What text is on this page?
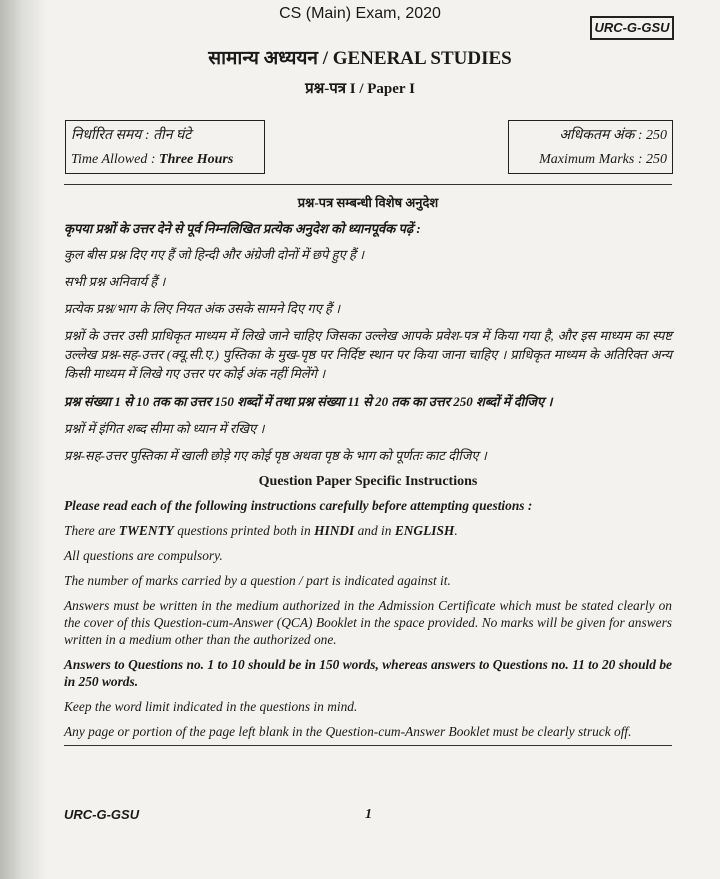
CS (Main) Exam, 2020
URC-G-GSU
सामान्य अध्ययन / GENERAL STUDIES
प्रश्न-पत्र I / Paper I
निर्धारित समय : तीन घंटे
Time Allowed : Three Hours
अधिकतम अंक : 250
Maximum Marks : 250

प्रश्न-पत्र सम्बन्धी विशेष अनुदेश

कृपया प्रश्नों के उत्तर देने से पूर्व निम्नलिखित प्रत्येक अनुदेश को ध्यानपूर्वक पढ़ें :

कुल बीस प्रश्न दिए गए हैं जो हिन्दी और अंग्रेजी दोनों में छपे हुए हैं ।

सभी प्रश्न अनिवार्य हैं ।

प्रत्येक प्रश्न/भाग के लिए नियत अंक उसके सामने दिए गए हैं ।

प्रश्नों के उत्तर उसी प्राधिकृत माध्यम में लिखे जाने चाहिए जिसका उल्लेख आपके प्रवेश-पत्र में किया गया है, और इस माध्यम का स्पष्ट उल्लेख प्रश्न-सह-उत्तर (क्यू.सी.ए.) पुस्तिका के मुख-पृष्ठ पर निर्दिष्ट स्थान पर किया जाना चाहिए । प्राधिकृत माध्यम के अतिरिक्त अन्य किसी माध्यम में लिखे गए उत्तर पर कोई अंक नहीं मिलेंगे ।

प्रश्न संख्या 1 से 10 तक का उत्तर 150 शब्दों में तथा प्रश्न संख्या 11 से 20 तक का उत्तर 250 शब्दों में दीजिए ।

प्रश्नों में इंगित शब्द सीमा को ध्यान में रखिए ।

प्रश्न-सह-उत्तर पुस्तिका में खाली छोड़े गए कोई पृष्ठ अथवा पृष्ठ के भाग को पूर्णतः काट दीजिए ।

Question Paper Specific Instructions

Please read each of the following instructions carefully before attempting questions :

There are TWENTY questions printed both in HINDI and in ENGLISH.

All questions are compulsory.

The number of marks carried by a question / part is indicated against it.

Answers must be written in the medium authorized in the Admission Certificate which must be stated clearly on the cover of this Question-cum-Answer (QCA) Booklet in the space provided. No marks will be given for answers written in a medium other than the authorized one.

Answers to Questions no. 1 to 10 should be in 150 words, whereas answers to Questions no. 11 to 20 should be in 250 words.

Keep the word limit indicated in the questions in mind.

Any page or portion of the page left blank in the Question-cum-Answer Booklet must be clearly struck off.

URC-G-GSU	1
